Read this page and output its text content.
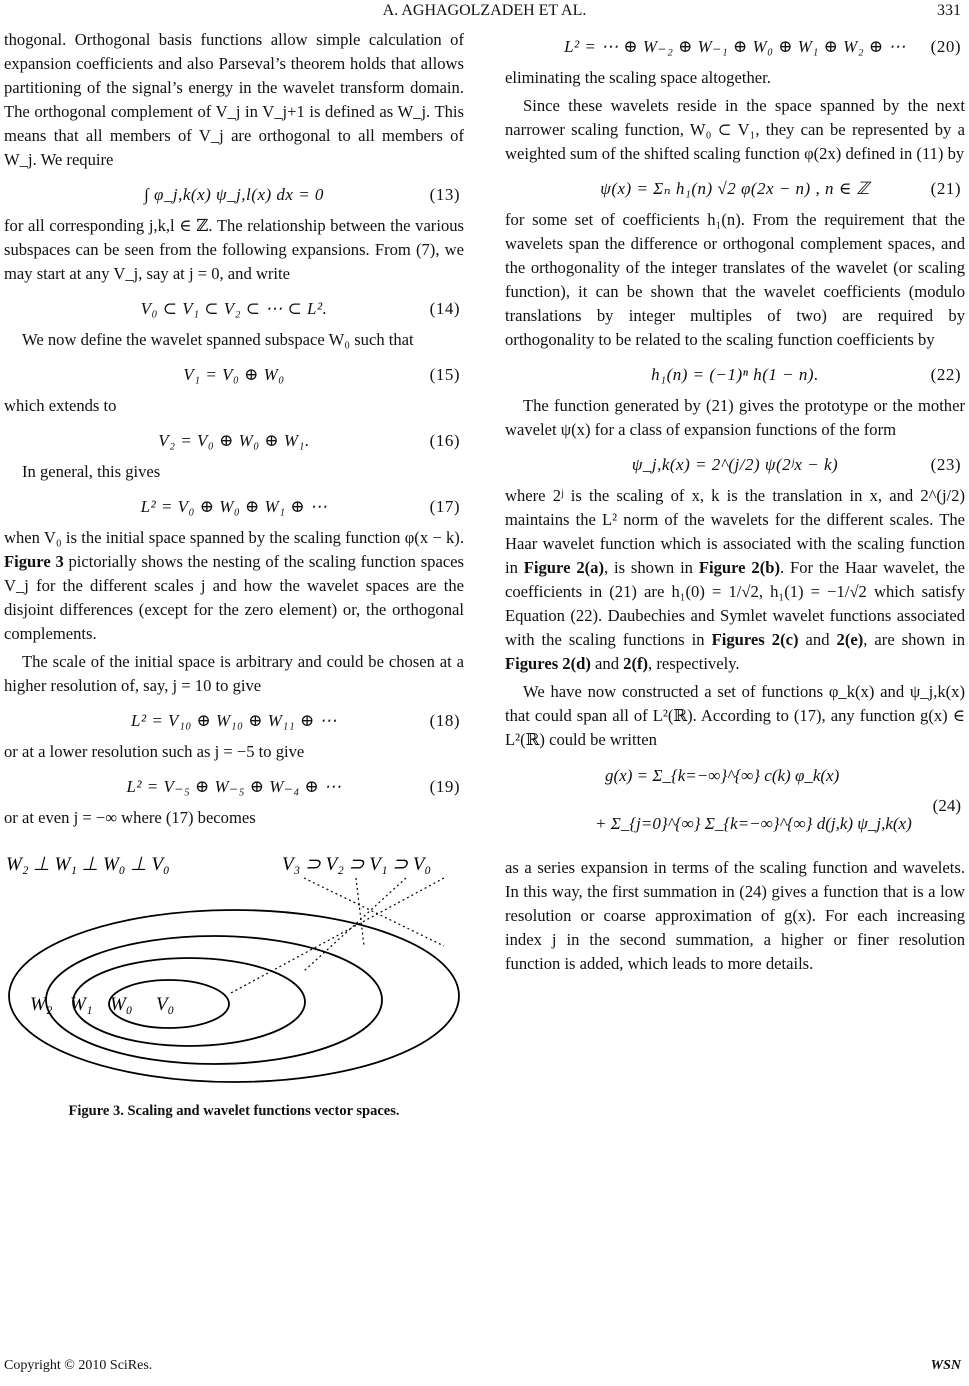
A. AGHAGOLZADEH ET AL.	331

thogonal. Orthogonal basis functions allow simple calculation of expansion coefficients and also Parseval’s theorem holds that allows partitioning of the signal’s energy in the wavelet transform domain. The orthogonal complement of V_j in V_j+1 is defined as W_j. This means that all members of V_j are orthogonal to all members of W_j. We require

∫ φ_j,k(x) ψ_j,l(x) dx = 0	(13)

for all corresponding j,k,l ∈ ℤ. The relationship between the various subspaces can be seen from the following expansions. From (7), we may start at any V_j, say at j = 0, and write

V₀ ⊂ V₁ ⊂ V₂ ⊂ ⋯ ⊂ L².	(14)

We now define the wavelet spanned subspace W₀ such that

V₁ = V₀ ⊕ W₀	(15)

which extends to

V₂ = V₀ ⊕ W₀ ⊕ W₁.	(16)

In general, this gives

L² = V₀ ⊕ W₀ ⊕ W₁ ⊕ ⋯	(17)

when V₀ is the initial space spanned by the scaling function φ(x − k). Figure 3 pictorially shows the nesting of the scaling function spaces V_j for the different scales j and how the wavelet spaces are the disjoint differences (except for the zero element) or, the orthogonal complements.

The scale of the initial space is arbitrary and could be chosen at a higher resolution of, say, j = 10 to give

L² = V₁₀ ⊕ W₁₀ ⊕ W₁₁ ⊕ ⋯	(18)

or at a lower resolution such as j = −5 to give

L² = V₋₅ ⊕ W₋₅ ⊕ W₋₄ ⊕ ⋯	(19)

or at even j = −∞ where (17) becomes

W₂ ⊥ W₁ ⊥ W₀ ⊥ V₀	V₃ ⊃ V₂ ⊃ V₁ ⊃ V₀
W₂ W₁ W₀ V₀
Figure 3. Scaling and wavelet functions vector spaces.
L² = ⋯ ⊕ W₋₂ ⊕ W₋₁ ⊕ W₀ ⊕ W₁ ⊕ W₂ ⊕ ⋯ (20)

eliminating the scaling space altogether.

Since these wavelets reside in the space spanned by the next narrower scaling function, W₀ ⊂ V₁, they can be represented by a weighted sum of the shifted scaling function φ(2x) defined in (11) by

ψ(x) = Σₙ h₁(n) √2 φ(2x − n) , n ∈ ℤ	(21)

for some set of coefficients h₁(n). From the requirement that the wavelets span the difference or orthogonal complement spaces, and the orthogonality of the integer translates of the wavelet (or scaling function), it can be shown that the wavelet coefficients (modulo translations by integer multiples of two) are required by orthogonality to be related to the scaling function coefficients by

h₁(n) = (−1)ⁿ h(1 − n).	(22)

The function generated by (21) gives the prototype or the mother wavelet ψ(x) for a class of expansion functions of the form

ψ_j,k(x) = 2^(j/2) ψ(2ʲx − k)	(23)

where 2ʲ is the scaling of x, k is the translation in x, and 2^(j/2) maintains the L² norm of the wavelets for the different scales. The Haar wavelet function which is associated with the scaling function in Figure 2(a), is shown in Figure 2(b). For the Haar wavelet, the coefficients in (21) are h₁(0) = 1/√2, h₁(1) = −1/√2 which satisfy Equation (22). Daubechies and Symlet wavelet functions associated with the scaling functions in Figures 2(c) and 2(e), are shown in Figures 2(d) and 2(f), respectively.

We have now constructed a set of functions φ_k(x) and ψ_j,k(x) that could span all of L²(ℝ). According to (17), any function g(x) ∈ L²(ℝ) could be written

g(x) = Σ_{k=−∞}^{∞} c(k) φ_k(x)
+ Σ_{j=0}^{∞} Σ_{k=−∞}^{∞} d(j,k) ψ_j,k(x)
(24)

as a series expansion in terms of the scaling function and wavelets. In this way, the first summation in (24) gives a function that is a low resolution or coarse approximation of g(x). For each increasing index j in the second summation, a higher or finer resolution function is added, which leads to more details.

Copyright © 2010 SciRes.	WSN
